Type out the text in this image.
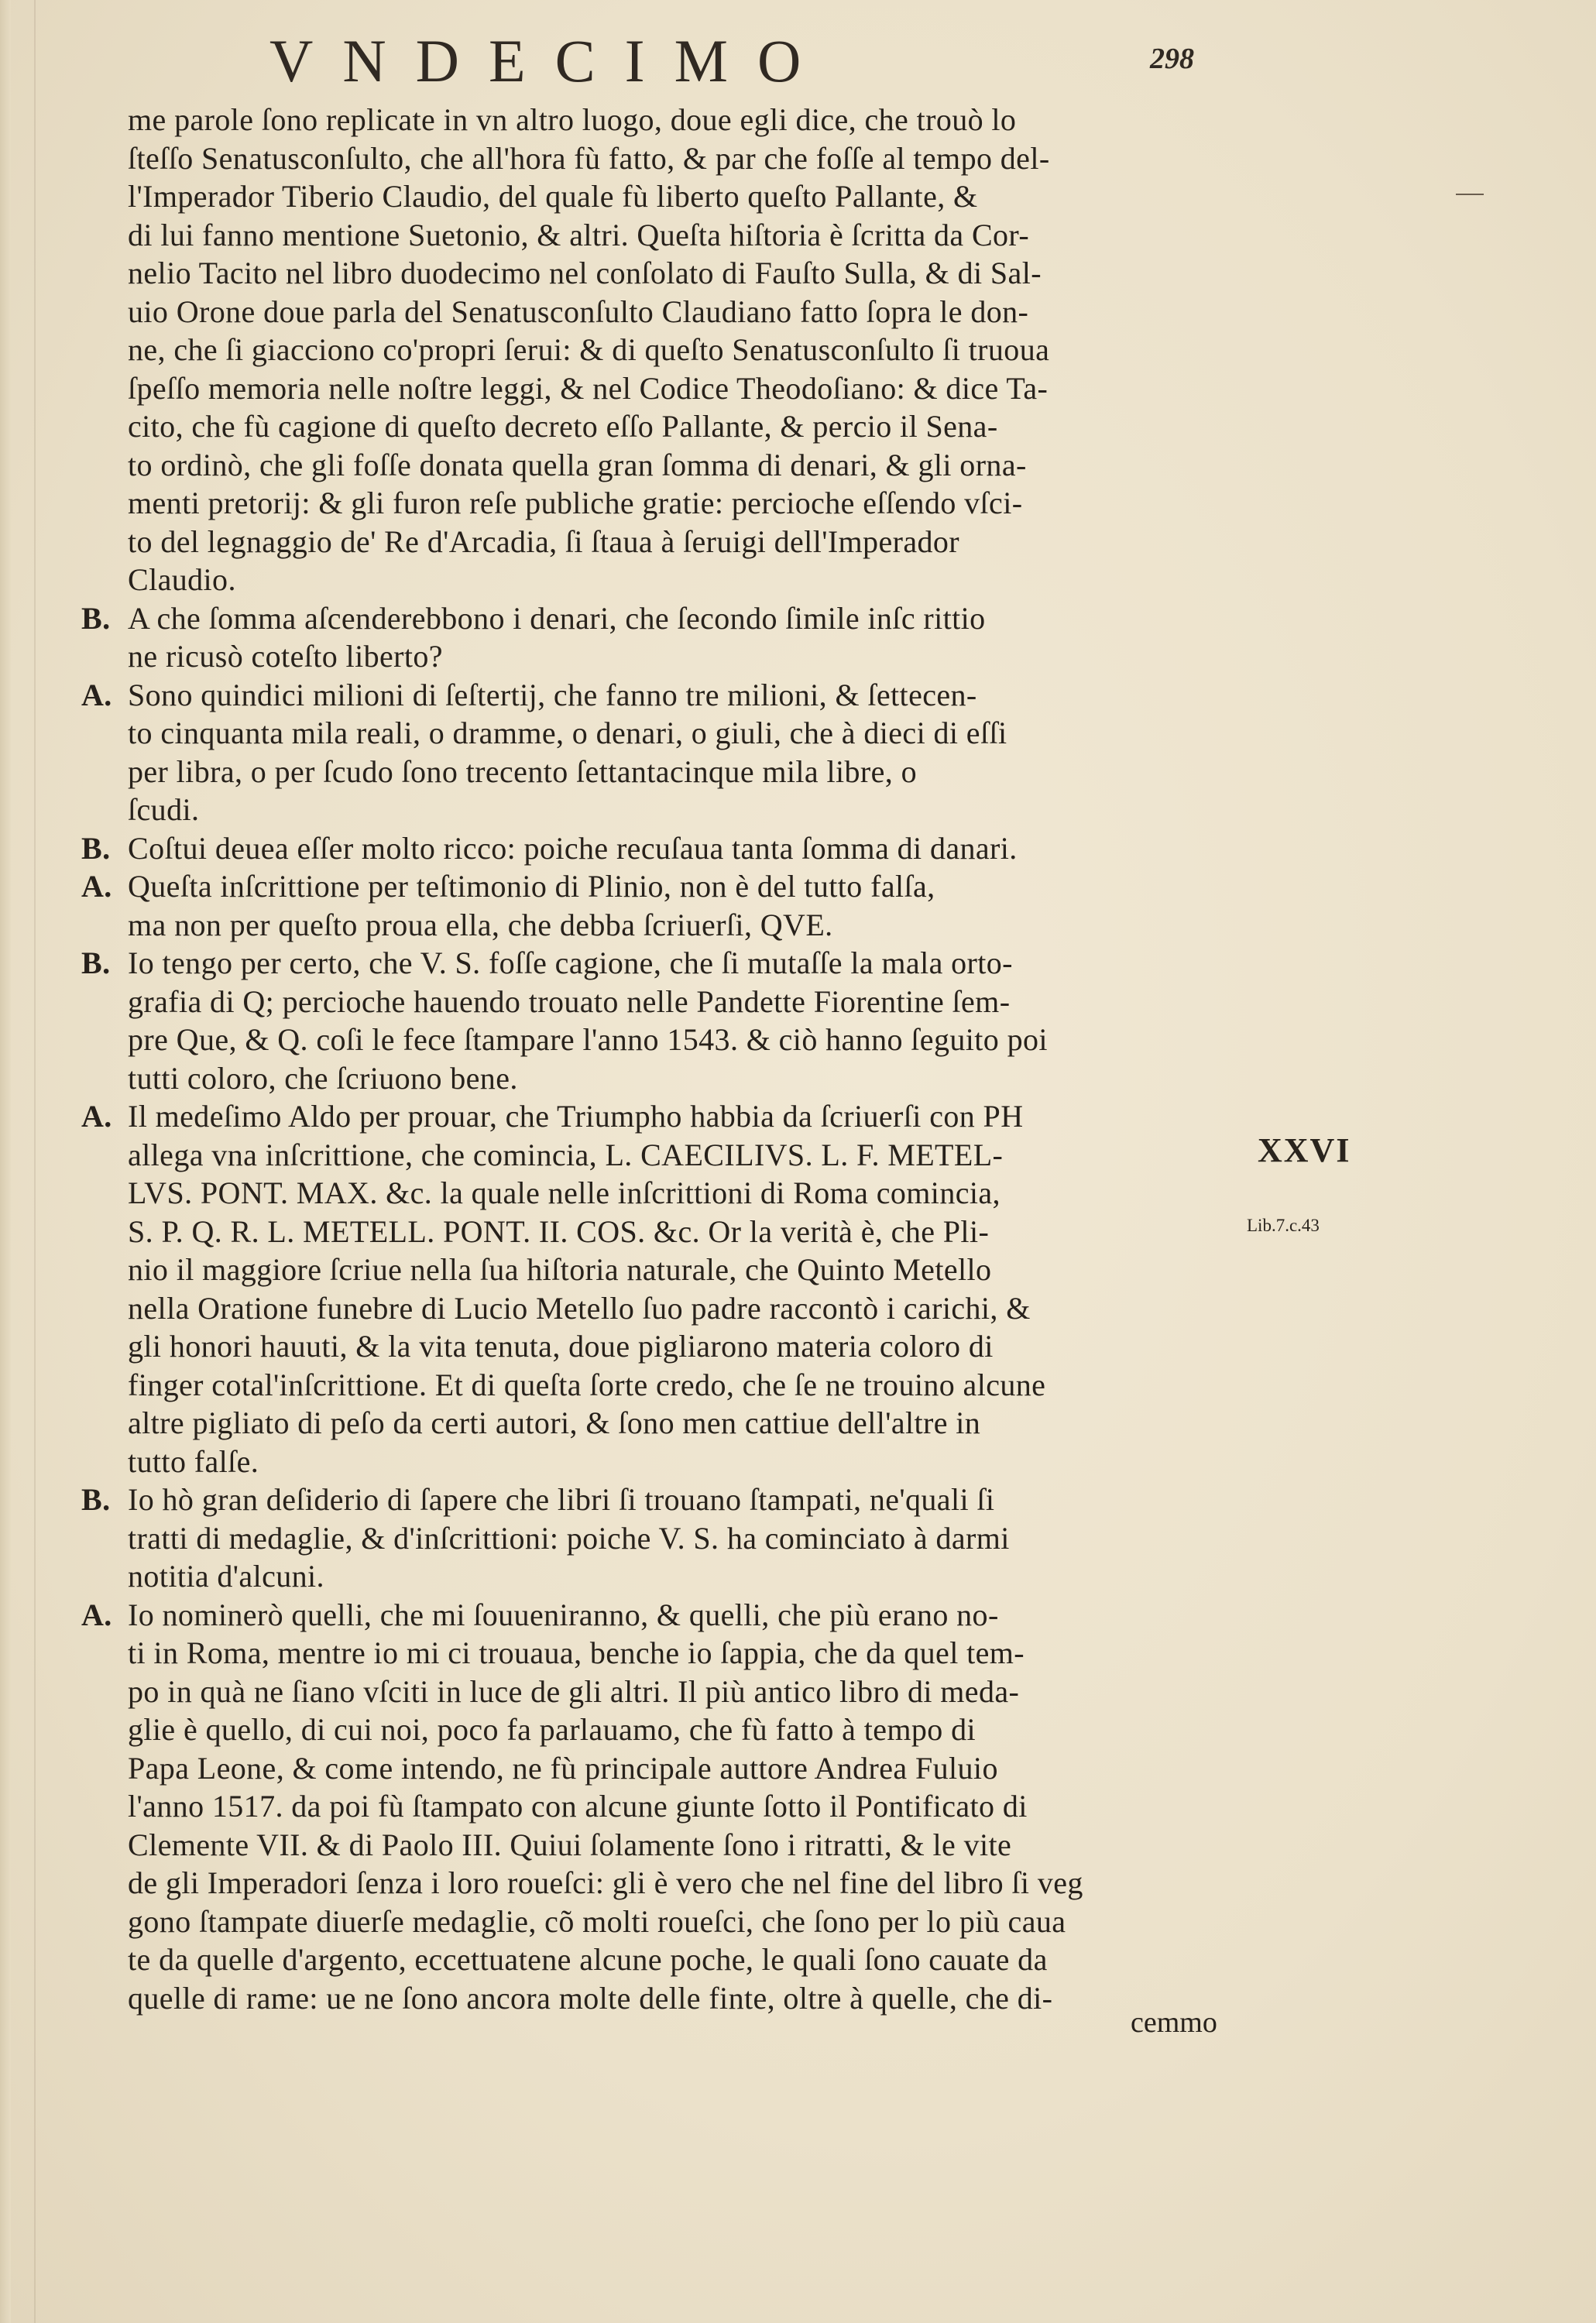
VNDECIMO	298
me parole ſono replicate in vn altro luogo, doue egli dice, che trouò lo
ſteſſo Senatusconſulto, che all'hora fù fatto, & par che foſſe al tempo del-
l'Imperador Tiberio Claudio, del quale fù liberto queſto Pallante, &
di lui fanno mentione Suetonio, & altri. Queſta hiſtoria è ſcritta da Cor-
nelio Tacito nel libro duodecimo nel conſolato di Fauſto Sulla, & di Sal-
uio Orone doue parla del Senatusconſulto Claudiano fatto ſopra le don-
ne, che ſi giacciono co'propri ſerui: & di queſto Senatusconſulto ſi truoua
ſpeſſo memoria nelle noſtre leggi, & nel Codice Theodoſiano: & dice Ta-
cito, che fù cagione di queſto decreto eſſo Pallante, & percio il Sena-
to ordinò, che gli foſſe donata quella gran ſomma di denari, & gli orna-
menti pretorij: & gli furon reſe publiche gratie: percioche eſſendo vſci-
to del legnaggio de' Re d'Arcadia, ſi ſtaua à ſeruigi dell'Imperador
Claudio.
B. A che ſomma aſcenderebbono i denari, che ſecondo ſimile inſc rittio
ne ricusò coteſto liberto?
A. Sono quindici milioni di ſeſtertij, che fanno tre milioni, & ſettecen-
to cinquanta mila reali, o dramme, o denari, o giuli, che à dieci di eſſi
per libra, o per ſcudo ſono trecento ſettantacinque mila libre, o
ſcudi.
B. Coſtui deuea eſſer molto ricco: poiche recuſaua tanta ſomma di danari.
A. Queſta inſcrittione per teſtimonio di Plinio, non è del tutto falſa,
ma non per queſto proua ella, che debba ſcriuerſi, QVE.
B. Io tengo per certo, che V. S. foſſe cagione, che ſi mutaſſe la mala orto-
grafia di Q; percioche hauendo trouato nelle Pandette Fiorentine ſem-
pre Que, & Q. coſi le fece ſtampare l'anno 1543. & ciò hanno ſeguito poi
tutti coloro, che ſcriuono bene.
A. Il medeſimo Aldo per prouar, che Triumpho habbia da ſcriuerſi con PH
allega vna inſcrittione, che comincia, L. CAECILIVS. L. F. METEL-
LVS. PONT. MAX. &c. la quale nelle inſcrittioni di Roma comincia,
S. P. Q. R. L. METELL. PONT. II. COS. &c. Or la verità è, che Pli-
nio il maggiore ſcriue nella ſua hiſtoria naturale, che Quinto Metello
nella Oratione funebre di Lucio Metello ſuo padre raccontò i carichi, &
gli honori hauuti, & la vita tenuta, doue pigliarono materia coloro di
finger cotal'inſcrittione. Et di queſta ſorte credo, che ſe ne trouino alcune
altre pigliato di peſo da certi autori, & ſono men cattiue dell'altre in
tutto falſe.
B. Io hò gran deſiderio di ſapere che libri ſi trouano ſtampati, ne'quali ſi
tratti di medaglie, & d'inſcrittioni: poiche V. S. ha cominciato à darmi
notitia d'alcuni.
A. Io nominerò quelli, che mi ſouueniranno, & quelli, che più erano no-
ti in Roma, mentre io mi ci trouaua, benche io ſappia, che da quel tem-
po in quà ne ſiano vſciti in luce de gli altri. Il più antico libro di meda-
glie è quello, di cui noi, poco fa parlauamo, che fù fatto à tempo di
Papa Leone, & come intendo, ne fù principale auttore Andrea Fuluio
l'anno 1517. da poi fù ſtampato con alcune giunte ſotto il Pontificato di
Clemente VII. & di Paolo III. Quiui ſolamente ſono i ritratti, & le vite
de gli Imperadori ſenza i loro roueſci: gli è vero che nel fine del libro ſi veg
gono ſtampate diuerſe medaglie, cõ molti roueſci, che ſono per lo più caua
te da quelle d'argento, eccettuatene alcune poche, le quali ſono cauate da
quelle di rame: ue ne ſono ancora molte delle finte, oltre à quelle, che di-
XXVI
Lib.7.c.43
cemmo
